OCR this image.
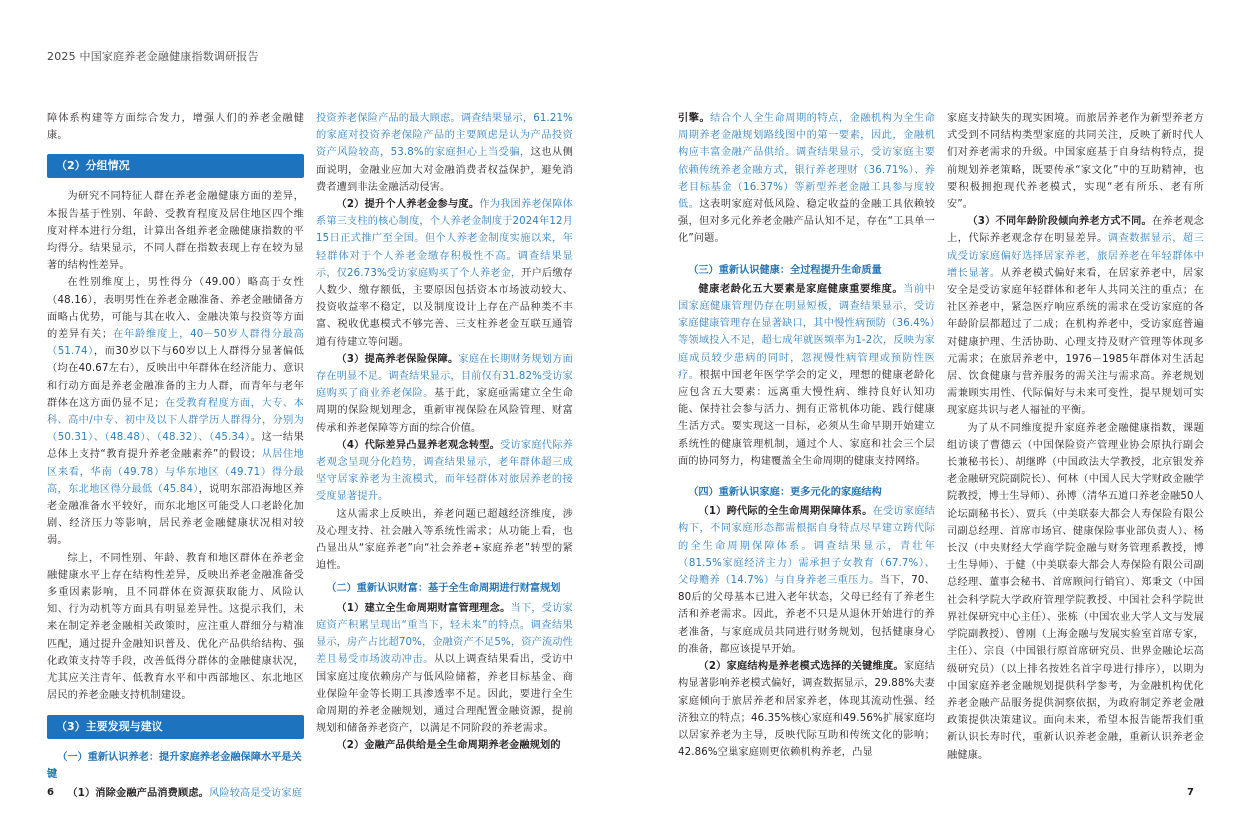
2025 中国家庭养老金融健康指数调研报告

障体系构建等方面综合发力，增强人们的养老金融健康。

（2）分组情况

为研究不同特征人群在养老金融健康方面的差异，本报告基于性别、年龄、受教育程度及居住地区四个维度对样本进行分组，计算出各组养老金融健康指数的平均得分。结果显示，不同人群在指数表现上存在较为显著的结构性差异。

在性别维度上，男性得分（49.00）略高于女性（48.16），表明男性在养老金融准备、养老金融储备方面略占优势，可能与其在收入、金融决策与投资等方面的差异有关；在年龄维度上，40－50岁人群得分最高（51.74），而30岁以下与60岁以上人群得分显著偏低（均在40.67左右），反映出中年群体在经济能力、意识和行动方面是养老金融准备的主力人群，而青年与老年群体在这方面仍显不足；在受教育程度方面，大专、本科、高中/中专、初中及以下人群学历人群得分，分别为（50.31）、（48.48）、（48.32）、（45.34）。这一结果总体上支持“教育提升养老金融素养”的假设；从居住地区来看，华南（49.78）与华东地区（49.71）得分最高，东北地区得分最低（45.84），说明东部沿海地区养老金融准备水平较好，而东北地区可能受人口老龄化加剧、经济压力等影响，居民养老金融健康状况相对较弱。

综上，不同性别、年龄、教育和地区群体在养老金融健康水平上存在结构性差异，反映出养老金融准备受多重因素影响，且不同群体在资源获取能力、风险认知、行为动机等方面具有明显差异性。这提示我们，未来在制定养老金融相关政策时，应注重人群细分与精准匹配，通过提升金融知识普及、优化产品供给结构、强化政策支持等手段，改善低得分群体的金融健康状况，尤其应关注青年、低教育水平和中西部地区、东北地区居民的养老金融支持机制建设。

（3）主要发现与建议
（一）重新认识养老：提升家庭养老金融保障水平是关键

（1）消除金融产品消费顾虑。风险较高是受访家庭

投资养老保险产品的最大顾虑。调查结果显示，61.21%的家庭对投资养老保险产品的主要顾虑是认为产品投资资产风险较高，53.8%的家庭担心上当受骗，这也从侧面说明，金融业应加大对金融消费者权益保护，避免消费者遭到非法金融活动侵害。

（2）提升个人养老金参与度。作为我国养老保障体系第三支柱的核心制度，个人养老金制度于2024年12月15日正式推广至全国。但个人养老金制度实施以来，年轻群体对于个人养老金缴存积极性不高。调查结果显示，仅26.73%受访家庭购买了个人养老金，开户后缴存人数少、缴存额低，主要原因包括资本市场波动较大、投资收益率不稳定，以及制度设计上存在产品种类不丰富、税收优惠模式不够完善、三支柱养老金互联互通管道有待建立等问题。

（3）提高养老保险保障。家庭在长期财务规划方面存在明显不足。调查结果显示，目前仅有31.82%受访家庭购买了商业养老保险。基于此，家庭亟需建立全生命周期的保险规划理念，重新审视保险在风险管理、财富传承和养老保障等方面的综合价值。

（4）代际差异凸显养老观念转型。受访家庭代际养老观念呈现分化趋势，调查结果显示，老年群体超三成坚守居家养老为主流模式，而年轻群体对旅居养老的接受度显著提升。

这从需求上反映出，养老问题已超越经济维度，涉及心理支持、社会融入等系统性需求；从功能上看，也凸显出从“家庭养老”向“社会养老+家庭养老”转型的紧迫性。

（二）重新认识财富：基于全生命周期进行财富规划

（1）建立全生命周期财富管理理念。当下，受访家庭资产积累呈现出“重当下，轻未来”的特点。调查结果显示，房产占比超70%，金融资产不足5%，资产流动性差且易受市场波动冲击。从以上调查结果看出，受访中国家庭过度依赖房产与低风险储蓄，养老目标基金、商业保险年金等长期工具渗透率不足。因此，要进行全生命周期的养老金融规划，通过合理配置金融资源，提前规划和储备养老资产，以满足不同阶段的养老需求。

（2）金融产品供给是全生命周期养老金融规划的

6

引擎。结合个人全生命周期的特点，金融机构为全生命周期养老金融规划路线图中的第一要素，因此，金融机构应丰富金融产品供给。调查结果显示，受访家庭主要依赖传统养老金融方式，银行养老理财（36.71%）、养老目标基金（16.37%）等新型养老金融工具参与度较低。这表明家庭对低风险、稳定收益的金融工具依赖较强，但对多元化养老金融产品认知不足，存在“工具单一化”问题。

（三）重新认识健康：全过程提升生命质量

健康老龄化五大要素是家庭健康重要维度。当前中国家庭健康管理仍存在明显短板，调查结果显示，受访家庭健康管理存在显著缺口，其中慢性病预防（36.4%）等领域投入不足，超七成年就医频率为1-2次，反映为家庭成员较少患病的同时，忽视慢性病管理或预防性医疗。根据中国老年医学学会的定义，理想的健康老龄化应包含五大要素：远离重大慢性病、维持良好认知功能、保持社会参与活力、拥有正常机体功能、践行健康生活方式。要实现这一目标，必须从生命早期开始建立系统性的健康管理机制，通过个人、家庭和社会三个层面的协同努力，构建覆盖全生命周期的健康支持网络。

（四）重新认识家庭：更多元化的家庭结构

（1）跨代际的全生命周期保障体系。在受访家庭结构下，不同家庭形态都需根据自身特点尽早建立跨代际的全生命周期保障体系。调查结果显示，青壮年（81.5%家庭经济主力）需承担子女教育（67.7%）、父母赡养（14.7%）与自身养老三重压力。当下，70、80后的父母基本已进入老年状态，父母已经有了养老生活和养老需求。因此，养老不只是从退休开始进行的养老准备，与家庭成员共同进行财务规划，包括健康身心的准备，都应该提早开始。

（2）家庭结构是养老模式选择的关键维度。家庭结构显著影响养老模式偏好，调查数据显示，29.88%夫妻家庭倾向于旅居养老和居家养老，体现其流动性强、经济独立的特点；46.35%核心家庭和49.56%扩展家庭均以居家养老为主导，反映代际互助和传统文化的影响；42.86%空巢家庭则更依赖机构养老，凸显

家庭支持缺失的现实困境。而旅居养老作为新型养老方式受到不同结构类型家庭的共同关注，反映了新时代人们对养老需求的升级。中国家庭基于自身结构特点，提前规划养老策略，既要传承“家文化”中的互助精神，也要积极拥抱现代养老模式，实现“老有所乐、老有所安”。

（3）不同年龄阶段倾向养老方式不同。在养老观念上，代际养老观念存在明显差异。调查数据显示，超三成受访家庭偏好选择居家养老，旅居养老在年轻群体中增长显著。从养老模式偏好来看，在居家养老中，居家安全是受访家庭年轻群体和老年人共同关注的重点；在社区养老中，紧急医疗响应系统的需求在受访家庭的各年龄阶层都超过了二成；在机构养老中，受访家庭普遍对健康护理、生活协助、心理支持及财产管理等体现多元需求；在旅居养老中，1976－1985年群体对生活起居、饮食健康与营养服务的需关注与需求高。养老规划需兼顾实用性、代际偏好与未来可变性，提早规划可实现家庭共识与老人福祉的平衡。

为了从不同维度提升家庭养老金融健康指数，课题组访谈了曹德云（中国保险资产管理业协会原执行副会长兼秘书长）、胡继晔（中国政法大学教授，北京银发养老金融研究院副院长）、何林（中国人民大学财政金融学院教授，博士生导师）、孙博（清华五道口养老金融50人论坛副秘书长）、贾兵（中美联泰大都会人寿保险有限公司副总经理、首席市场官、健康保险事业部负责人）、杨长汉（中央财经大学商学院金融与财务管理系教授，博士生导师）、于健（中美联泰大都会人寿保险有限公司副总经理、董事会秘书、首席顾问行销官）、郑秉文（中国社会科学院大学政府管理学院教授、中国社会科学院世界社保研究中心主任）、张栋（中国农业大学人文与发展学院副教授）、曾刚（上海金融与发展实验室首席专家，主任）、宗良（中国银行原首席研究员、世界金融论坛高级研究员）（以上排名按姓名首字母进行排序），以期为中国家庭养老金融规划提供科学参考，为金融机构优化养老金融产品服务提供洞察依据，为政府制定养老金融政策提供决策建议。面向未来，希望本报告能帮我们重新认识长寿时代，重新认识养老金融，重新认识养老金融健康。

7
